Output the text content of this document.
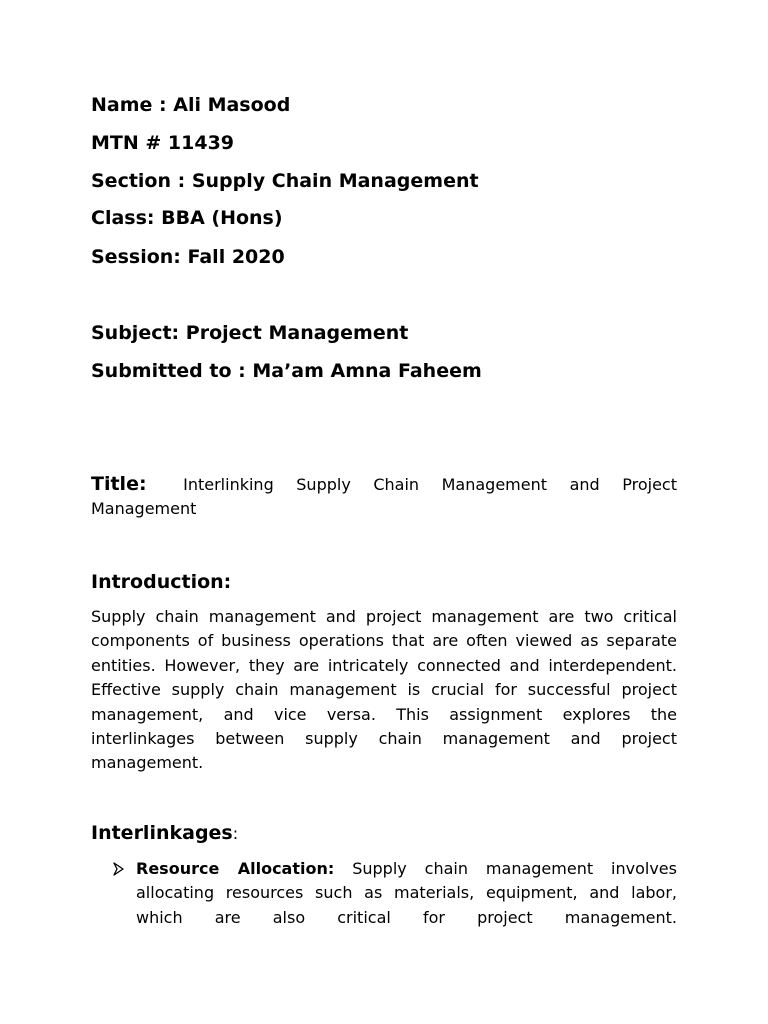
Name : Ali Masood
MTN # 11439
Section : Supply Chain Management
Class: BBA (Hons)
Session: Fall 2020
Subject: Project Management
Submitted to : Ma’am Amna Faheem
Title: Interlinking Supply Chain Management and Project Management
Introduction:
Supply chain management and project management are two critical components of business operations that are often viewed as separate entities. However, they are intricately connected and interdependent. Effective supply chain management is crucial for successful project management, and vice versa. This assignment explores the interlinkages between supply chain management and project management.
Interlinkages:
Resource Allocation: Supply chain management involves allocating resources such as materials, equipment, and labor, which are also critical for project management.
